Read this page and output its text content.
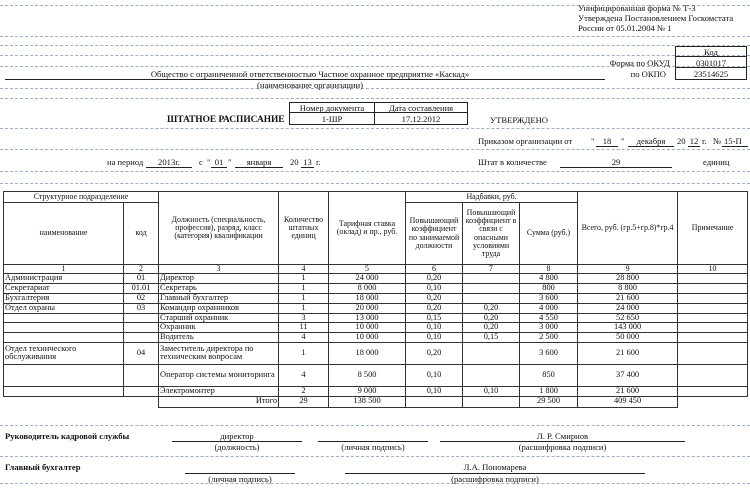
Унифицированная форма № Т-3
Утверждена Постановлением Госкомстата
России от 05.01.2004 № 1
Код
Форма по ОКУД	0301017
по ОКПО	23514625
Общество с ограниченной ответственностью Частное охранное предприятие «Каскад»
(наименование организации)
Номер документа	Дата составления
ШТАТНОЕ РАСПИСАНИЕ	1-ШР	17.12.2012	УТВЕРЖДЕНО
Приказом организации от " 18	"	декабря	20 12 г. № 15-П
на период	2013г.	с " 01 "	января	20 13 г.	Штат в количестве	29	единиц
Структурное подразделение		Должность (специальность, профессия), разряд, класс (категория) квалификации	Количество штатных единиц	Тарифная ставка (оклад) и пр., руб.	Надбавки, руб.			Всего, руб. (гр.5+гр.8)*гр.4	Примечание
наименование	код				Повышающий коэффициент по занимаемой должности	Повышающий коэффициент в связи с опасными условиями труда	Сумма (руб.)		
1	2	3	4	5	6	7	8	9	10
Администрация	01	Директор	1	24 000	0,20		4 800	28 800	
Секретариат	01.01	Секретарь	1	8 000	0,10		800	8 800	
Бухгалтерия	02	Главный бухгалтер	1	18 000	0,20		3 600	21 600	
Отдел охраны	03	Командир охранников	1	20 000	0,20	0,20	4 000	24 000	
		Старший охранник	3	13 000	0,15	0,20	4 550	52 650	
		Охранник	11	10 000	0,10	0,20	3 000	143 000	
		Водитель	4	10 000	0,10	0,15	2 500	50 000	
Отдел технического обслуживания	04	Заместитель директора по техническим вопросам	1	18 000	0,20		3 600	21 600	
		Оператор системы мониторинга	4	8 500	0,10		850	37 400	
		Электромонтер	2	9 000	0,10	0,10	1 800	21 600	
		Итого	29	138 500			29 500	409 450	
Руководитель кадровой службы	директор
(должность)	(личная подпись)
Л. Р. Смирнов
(расшифровка подписи)
Главный бухгалтер
(личная подпись)
Л.А. Пономарева
(расшифровка подписи)
